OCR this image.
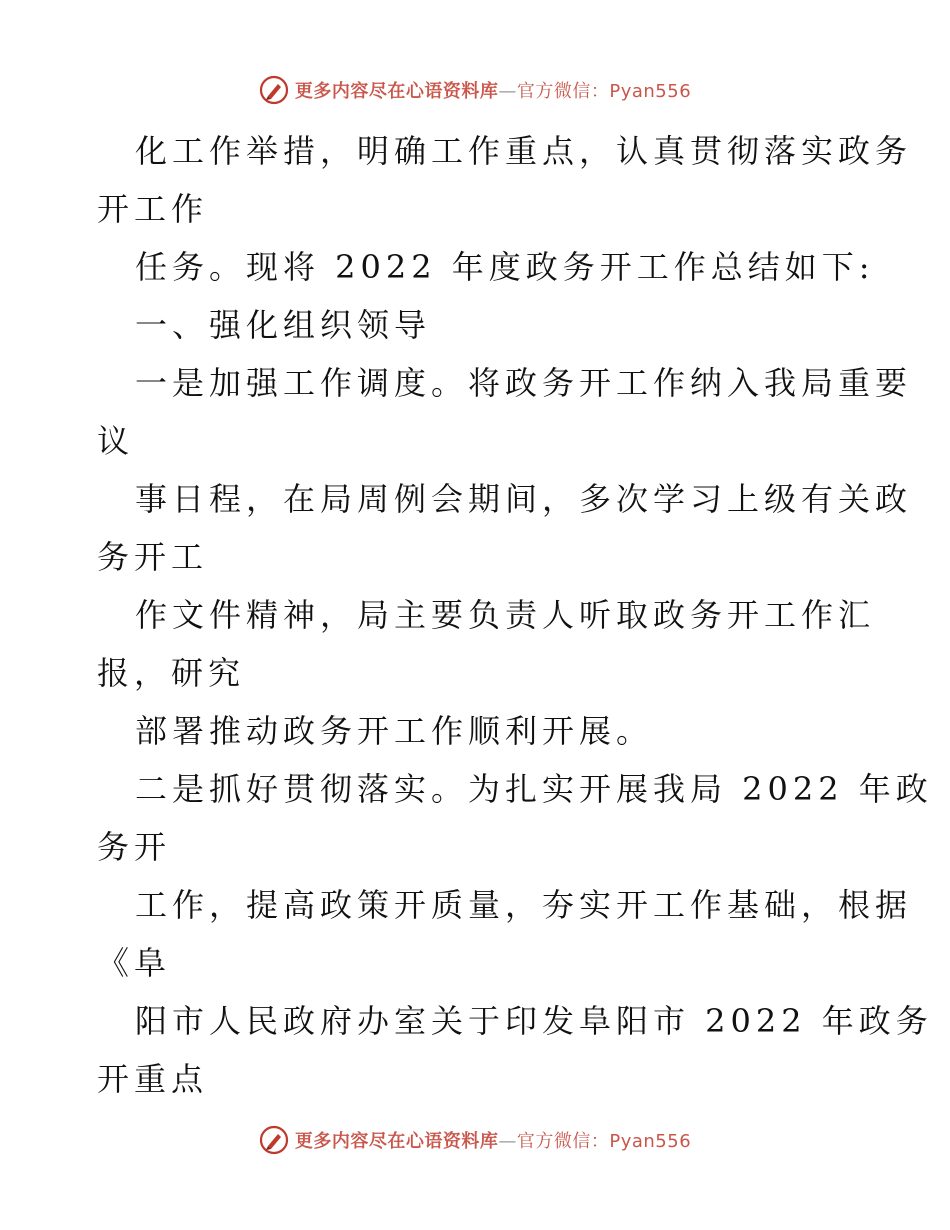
更多内容尽在心语资料库—官方微信：Pyan556
化工作举措，明确工作重点，认真贯彻落实政务
开工作
任务。现将 2022 年度政务开工作总结如下:
一、强化组织领导
一是加强工作调度。将政务开工作纳入我局重要
议
事日程，在局周例会期间，多次学习上级有关政
务开工
作文件精神，局主要负责人听取政务开工作汇
报，研究
部署推动政务开工作顺利开展。
二是抓好贯彻落实。为扎实开展我局 2022 年政
务开
工作，提高政策开质量，夯实开工作基础，根据
《阜
阳市人民政府办室关于印发阜阳市 2022 年政务
开重点
更多内容尽在心语资料库—官方微信：Pyan556
